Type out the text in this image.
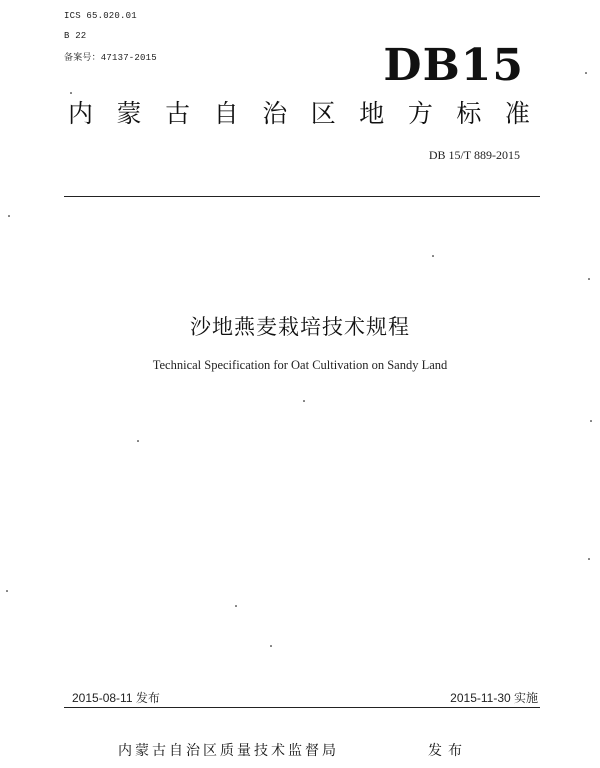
ICS 65.020.01
B 22
备案号：47137-2015	DB15
内 蒙 古 自 治 区 地 方 标 准
DB 15/T 889-2015
沙地燕麦栽培技术规程
Technical Specification for Oat Cultivation on Sandy Land
2015-08-11 发布	2015-11-30 实施
内蒙古自治区质量技术监督局	发布
